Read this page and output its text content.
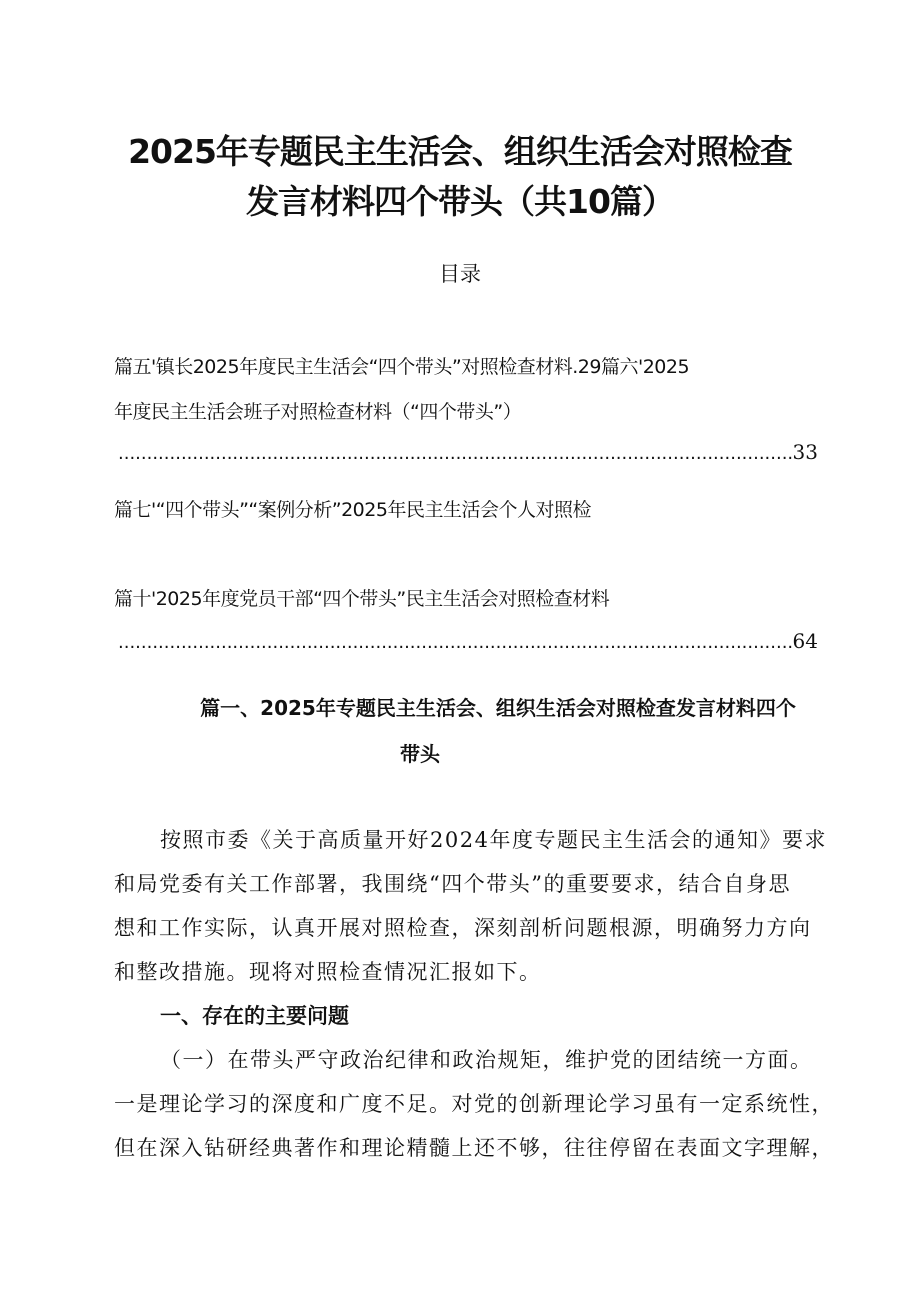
2025年专题民主生活会、组织生活会对照检查
发言材料四个带头（共10篇）
目录
篇五'镇长2025年度民主生活会“四个带头”对照检查材料.29篇六'2025
年度民主生活会班子对照检查材料（“四个带头”）
.....
33
篇七'“四个带头”“案例分析”2025年民主生活会个人对照检
篇十'2025年度党员干部“四个带头”民主生活会对照检查材料
.....
64
篇一、2025年专题民主生活会、组织生活会对照检查发言材料四个
带头
按照市委《关于高质量开好2024年度专题民主生活会的通知》要求
和局党委有关工作部署，我围绕“四个带头”的重要要求，结合自身思
想和工作实际，认真开展对照检查，深刻剖析问题根源，明确努力方向
和整改措施。现将对照检查情况汇报如下。
一、存在的主要问题
（一）在带头严守政治纪律和政治规矩，维护党的团结统一方面。
一是理论学习的深度和广度不足。对党的创新理论学习虽有一定系统性，
但在深入钻研经典著作和理论精髓上还不够，往往停留在表面文字理解，
